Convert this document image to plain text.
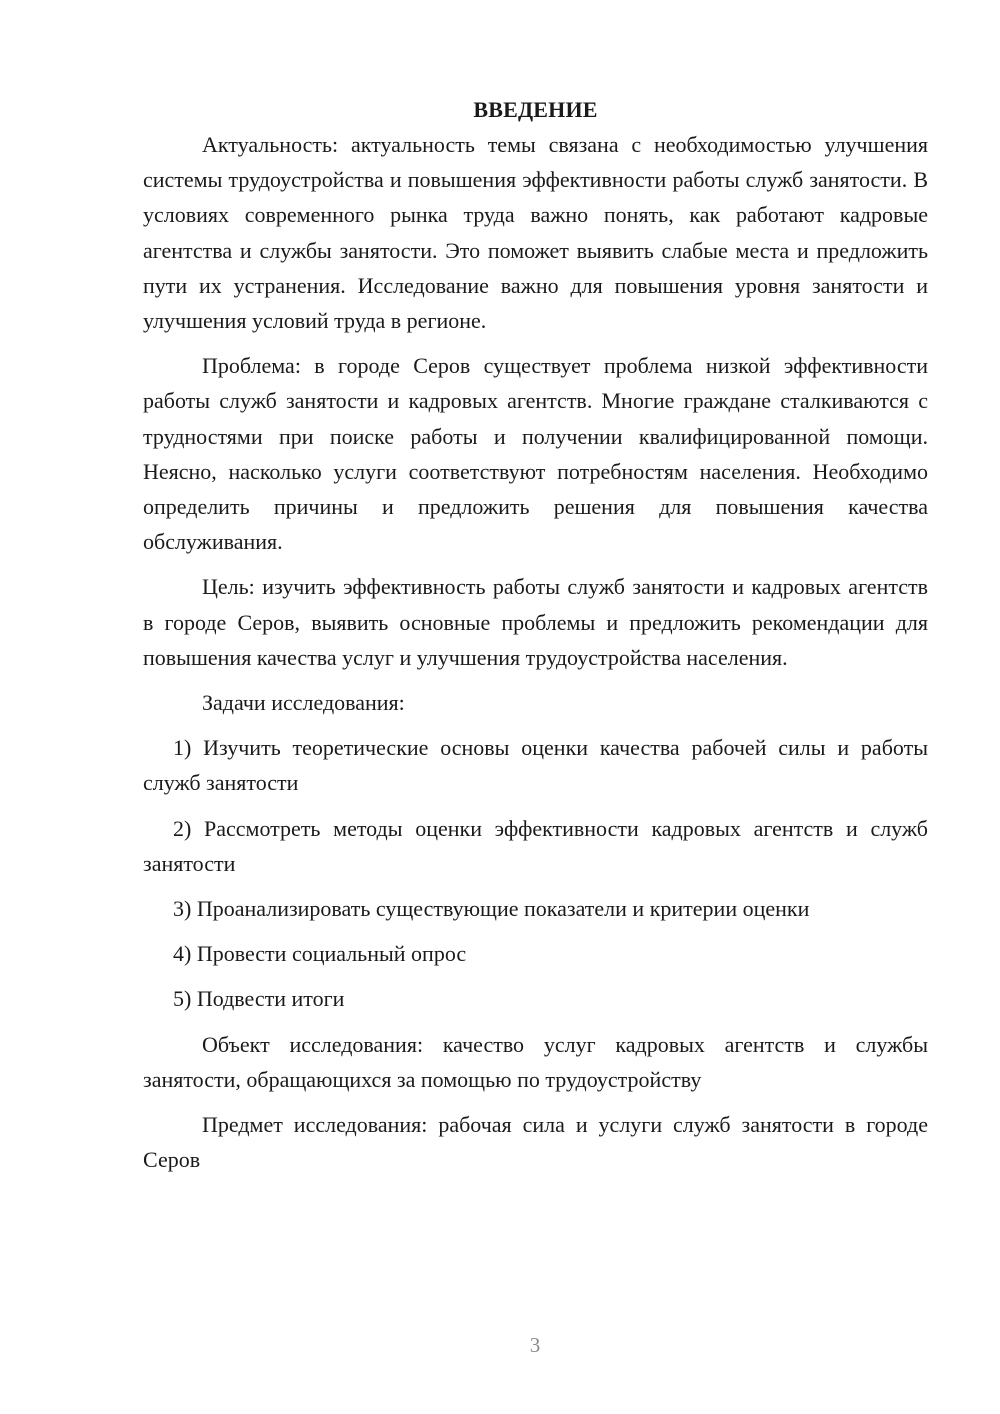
ВВЕДЕНИЕ

Актуальность: актуальность темы связана с необходимостью улучшения системы трудоустройства и повышения эффективности работы служб занятости. В условиях современного рынка труда важно понять, как работают кадровые агентства и службы занятости. Это поможет выявить слабые места и предложить пути их устранения. Исследование важно для повышения уровня занятости и улучшения условий труда в регионе.

Проблема: в городе Серов существует проблема низкой эффективности работы служб занятости и кадровых агентств. Многие граждане сталкиваются с трудностями при поиске работы и получении квалифицированной помощи. Неясно, насколько услуги соответствуют потребностям населения. Необходимо определить причины и предложить решения для повышения качества обслуживания.

Цель: изучить эффективность работы служб занятости и кадровых агентств в городе Серов, выявить основные проблемы и предложить рекомендации для повышения качества услуг и улучшения трудоустройства населения.

Задачи исследования:

1) Изучить теоретические основы оценки качества рабочей силы и работы служб занятости

2) Рассмотреть методы оценки эффективности кадровых агентств и служб занятости

3) Проанализировать существующие показатели и критерии оценки

4) Провести социальный опрос

5) Подвести итоги

Объект исследования: качество услуг кадровых агентств и службы занятости, обращающихся за помощью по трудоустройству

Предмет исследования: рабочая сила и услуги служб занятости в городе Серов

3
